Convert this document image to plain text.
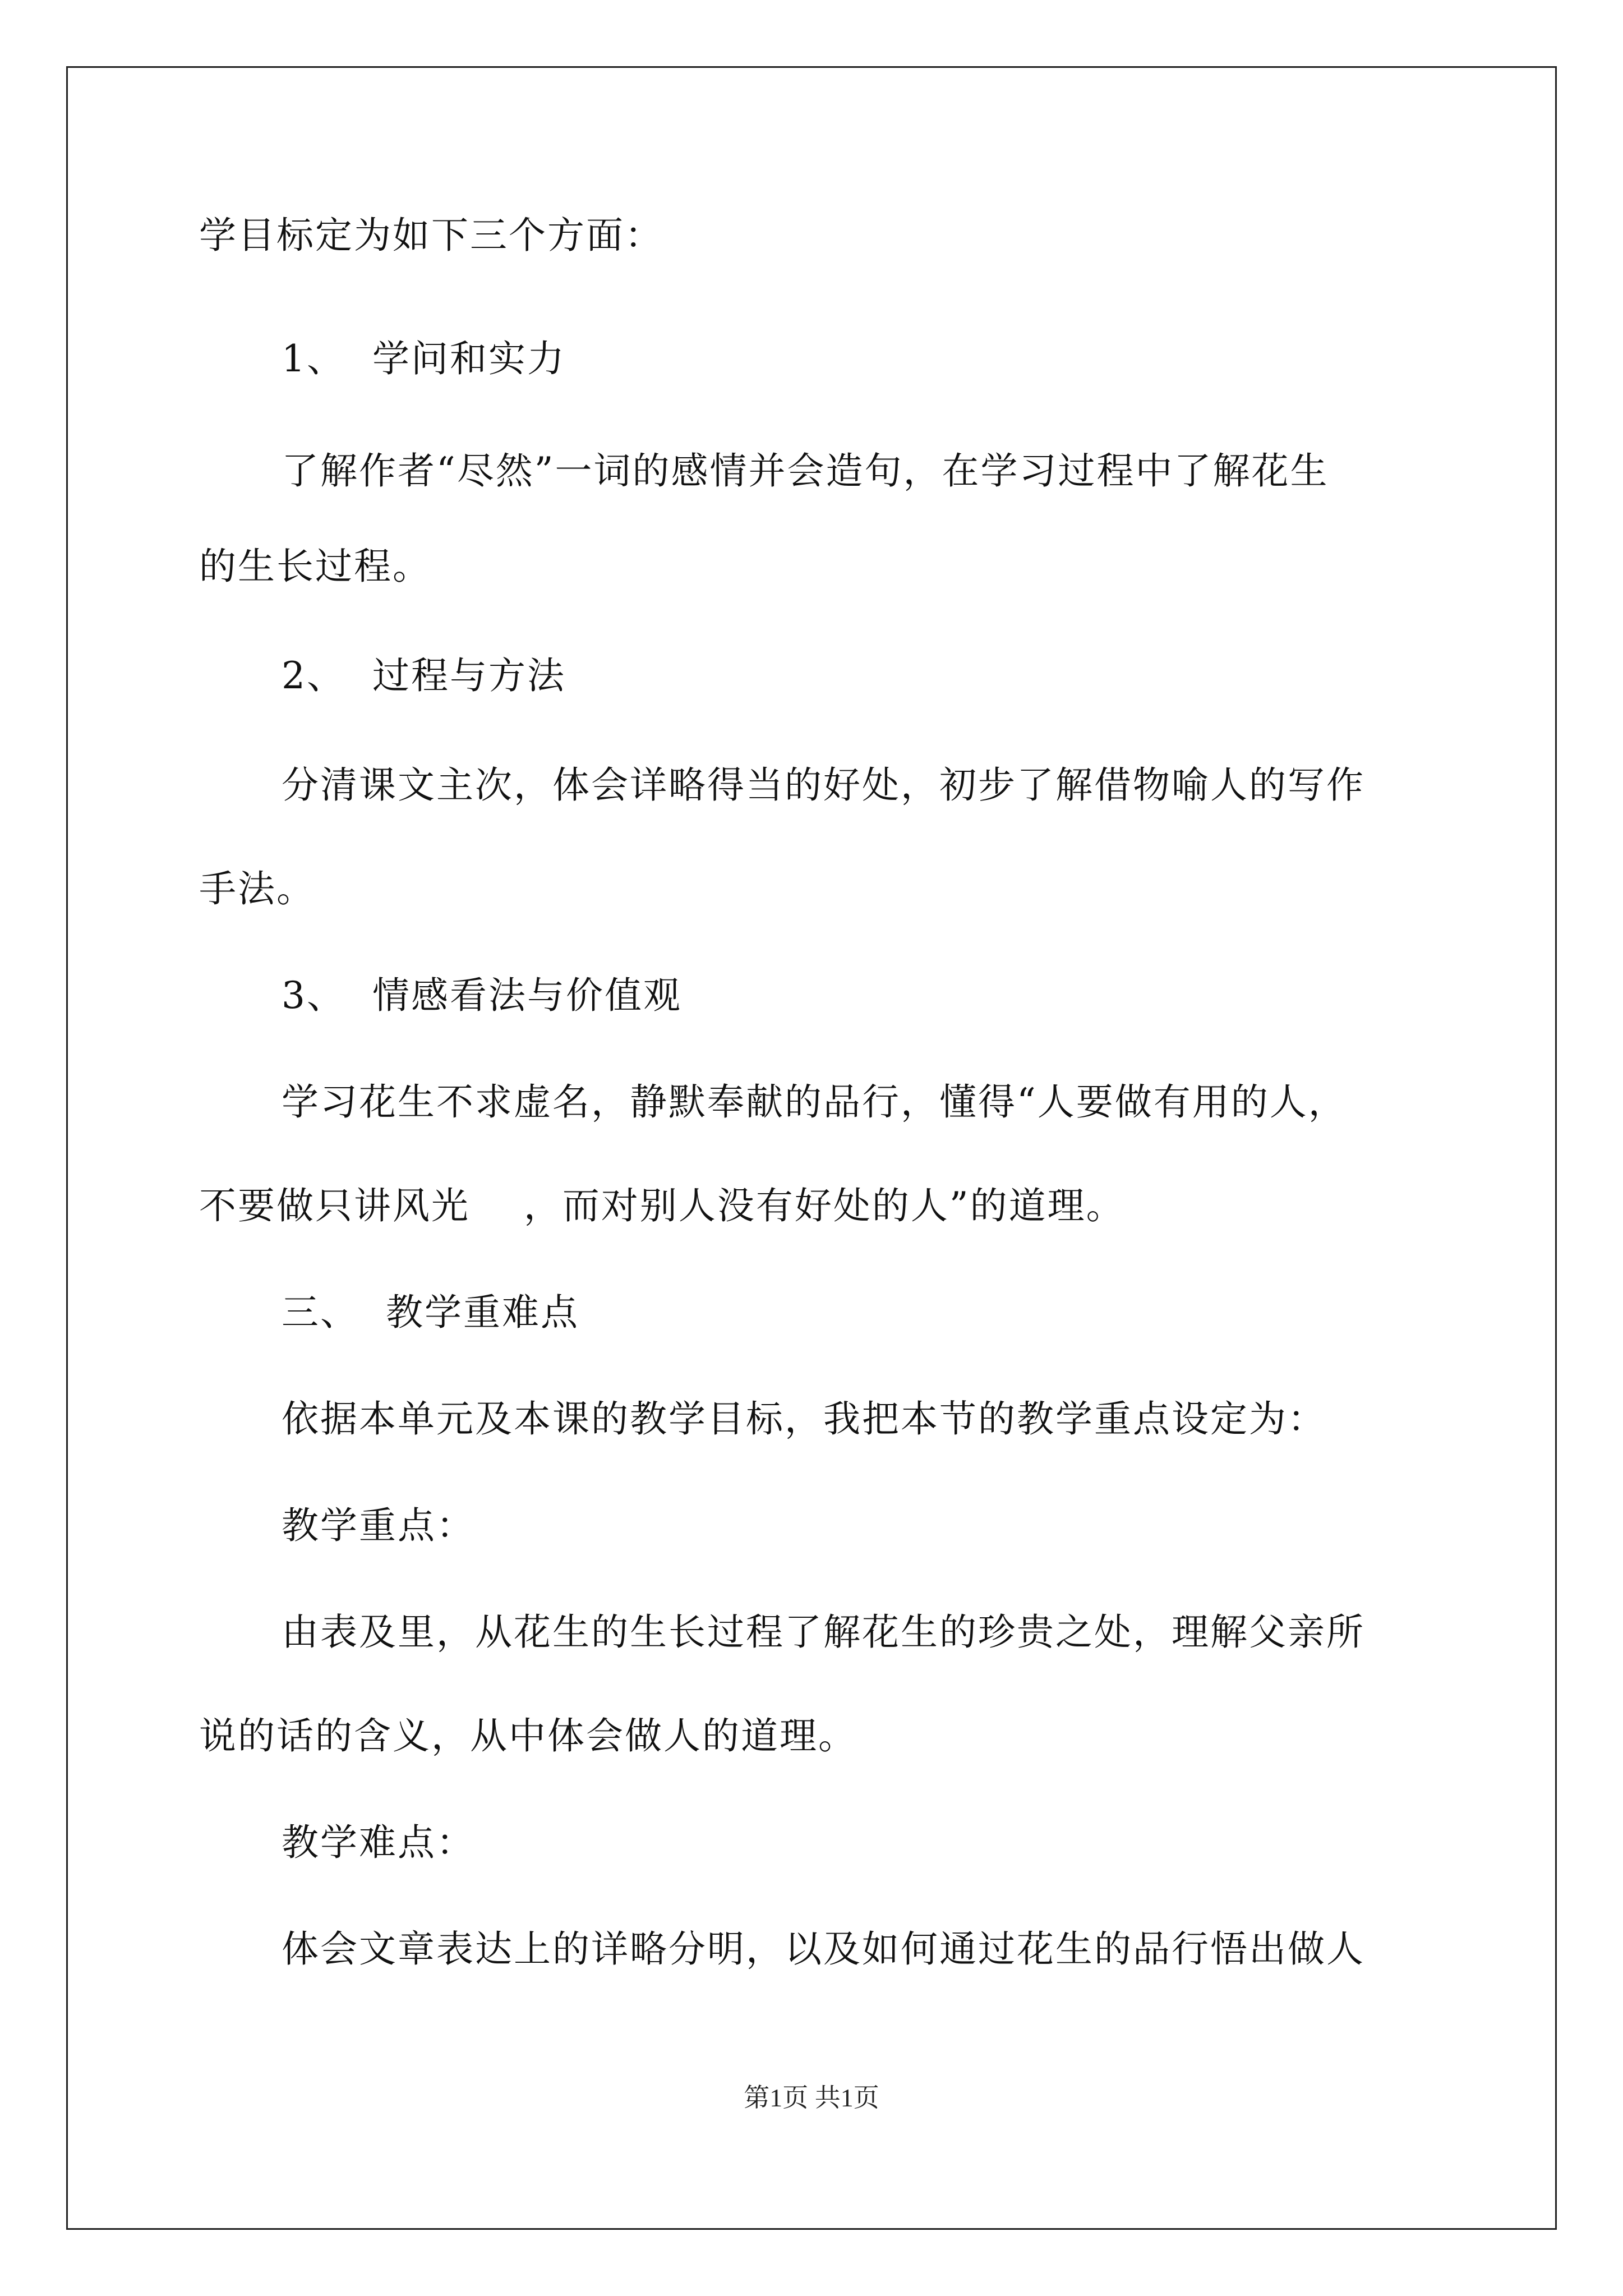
学目标定为如下三个方面：
1、  学问和实力
了解作者“尽然”一词的感情并会造句，在学习过程中了解花生
的生长过程。
2、  过程与方法
分清课文主次，体会详略得当的好处，初步了解借物喻人的写作
手法。
3、  情感看法与价值观
学习花生不求虚名，静默奉献的品行，懂得“人要做有用的人，
不要做只讲风光    ，而对别人没有好处的人”的道理。
三、  教学重难点
依据本单元及本课的教学目标，我把本节的教学重点设定为：
教学重点：
由表及里，从花生的生长过程了解花生的珍贵之处，理解父亲所
说的话的含义，从中体会做人的道理。
教学难点：
体会文章表达上的详略分明，以及如何通过花生的品行悟出做人
第1页 共1页
